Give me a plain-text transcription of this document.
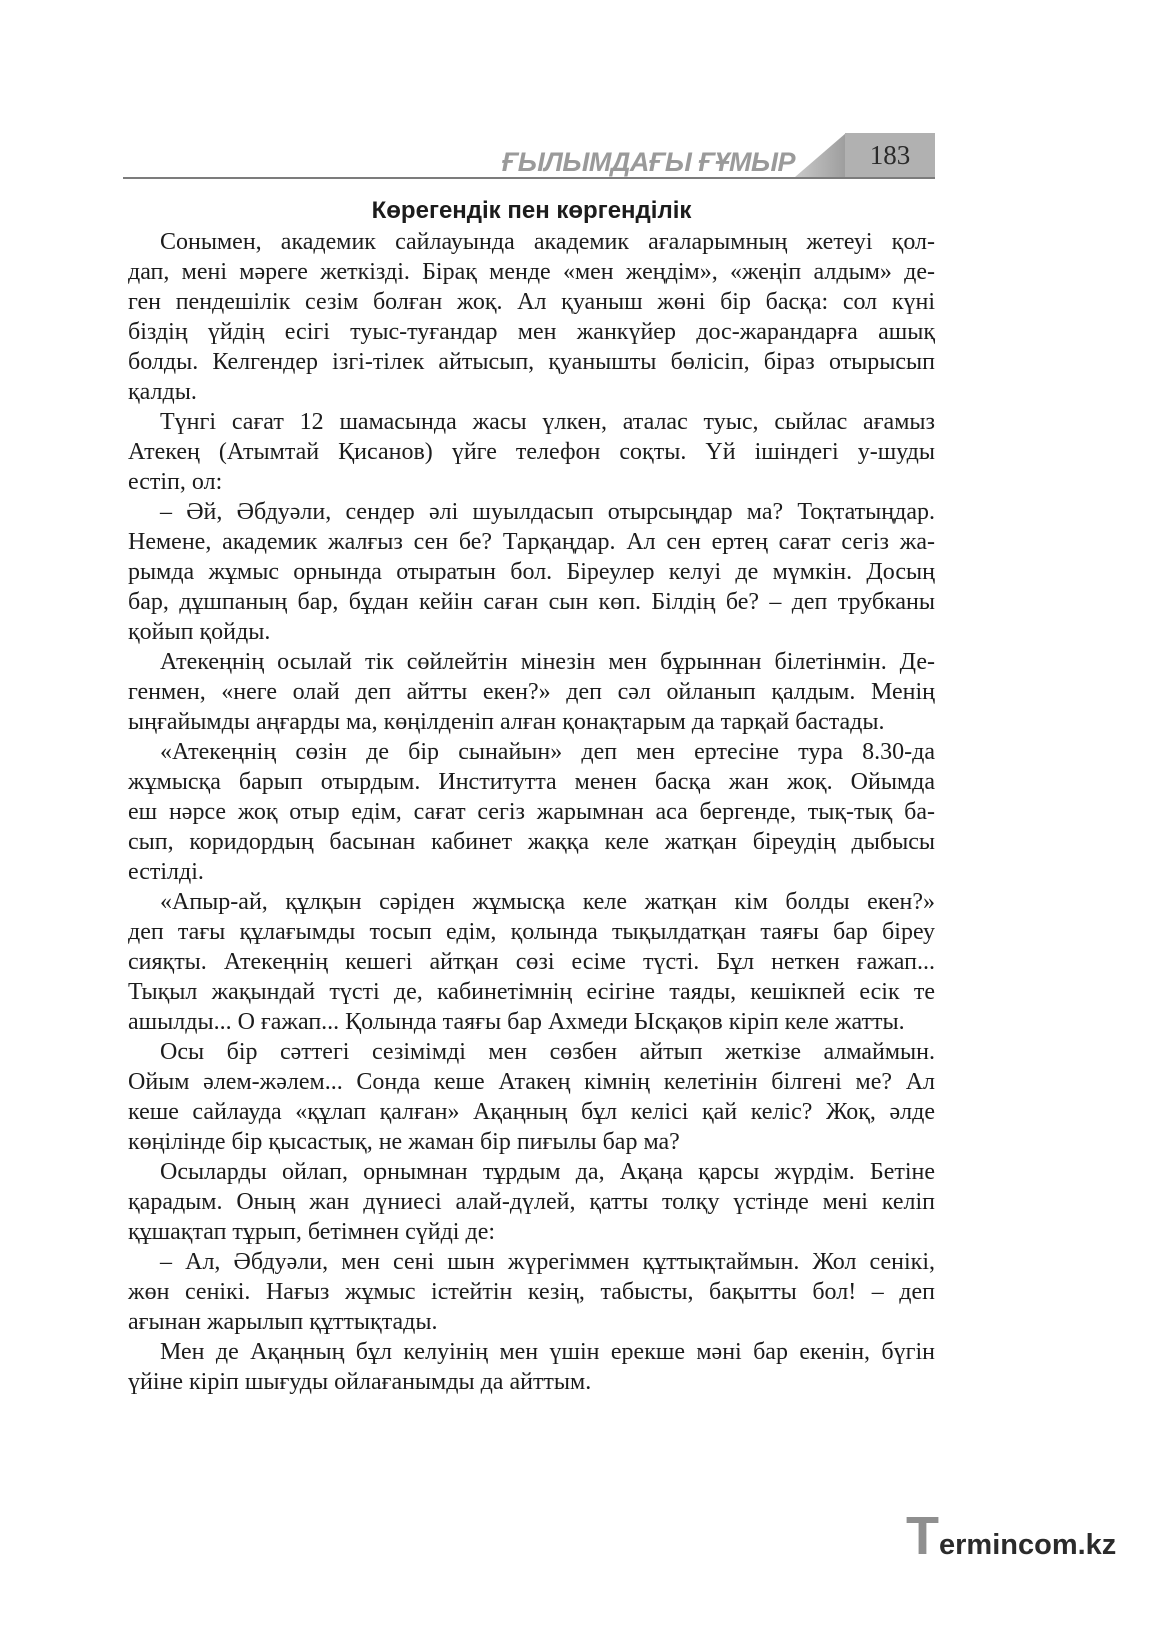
ҒЫЛЫМДАҒЫ ҒҰМЫР	183
Көрегендік пен көргенділік
Сонымен, академик сайлауында академик ағаларымның жетеуі қол-
дап, мені мәреге жеткізді. Бірақ менде «мен жеңдім», «жеңіп алдым» де-
ген пендешілік сезім болған жоқ. Ал қуаныш жөні бір басқа: сол күні
біздің үйдің есігі туыс-туғандар мен жанкүйер дос-жарандарға ашық
болды. Келгендер ізгі-тілек айтысып, қуанышты бөлісіп, біраз отырысып
қалды.
Түнгі сағат 12 шамасында жасы үлкен, аталас туыс, сыйлас ағамыз
Атекең (Атымтай Қисанов) үйге телефон соқты. Үй ішіндегі у-шуды
естіп, ол:
– Әй, Әбдуәли, сендер әлі шуылдасып отырсыңдар ма? Тоқтатыңдар.
Немене, академик жалғыз сен бе? Тарқаңдар. Ал сен ертең сағат сегіз жа-
рымда жұмыс орнында отыратын бол. Біреулер келуі де мүмкін. Досың
бар, дұшпаның бар, бұдан кейін саған сын көп. Білдің бе? – деп трубканы
қойып қойды.
Атекеңнің осылай тік сөйлейтін мінезін мен бұрыннан білетінмін. Де-
генмен, «неге олай деп айтты екен?» деп сәл ойланып қалдым. Менің
ыңғайымды аңғарды ма, көңілденіп алған қонақтарым да тарқай бастады.
«Атекеңнің сөзін де бір сынайын» деп мен ертесіне тура 8.30-да
жұмысқа барып отырдым. Институтта менен басқа жан жоқ. Ойымда
еш нәрсе жоқ отыр едім, сағат сегіз жарымнан аса бергенде, тық-тық ба-
сып, коридордың басынан кабинет жаққа келе жатқан біреудің дыбысы
естілді.
«Апыр-ай, құлқын сәріден жұмысқа келе жатқан кім болды екен?»
деп тағы құлағымды тосып едім, қолында тықылдатқан таяғы бар біреу
сияқты. Атекеңнің кешегі айтқан сөзі есіме түсті. Бұл неткен ғажап...
Тықыл жақындай түсті де, кабинетімнің есігіне таяды, кешікпей есік те
ашылды... О ғажап... Қолында таяғы бар Ахмеди Ысқақов кіріп келе жатты.
Осы бір сәттегі сезімімді мен сөзбен айтып жеткізе алмаймын.
Ойым әлем-жәлем... Сонда кеше Атакең кімнің келетінін білгені ме? Ал
кеше сайлауда «құлап қалған» Ақаңның бұл келісі қай келіс? Жоқ, әлде
көңілінде бір қысастық, не жаман бір пиғылы бар ма?
Осыларды ойлап, орнымнан тұрдым да, Ақаңа қарсы жүрдім. Бетіне
қарадым. Оның жан дүниесі алай-дүлей, қатты толқу үстінде мені келіп
құшақтап тұрып, бетімнен сүйді де:
– Ал, Әбдуәли, мен сені шын жүрегіммен құттықтаймын. Жол сенікі,
жөн сенікі. Нағыз жұмыс істейтін кезің, табысты, бақытты бол! – деп
ағынан жарылып құттықтады.
Мен де Ақаңның бұл келуінің мен үшін ерекше мәні бар екенін, бүгін
үйіне кіріп шығуды ойлағанымды да айттым.
Termincom.kz
